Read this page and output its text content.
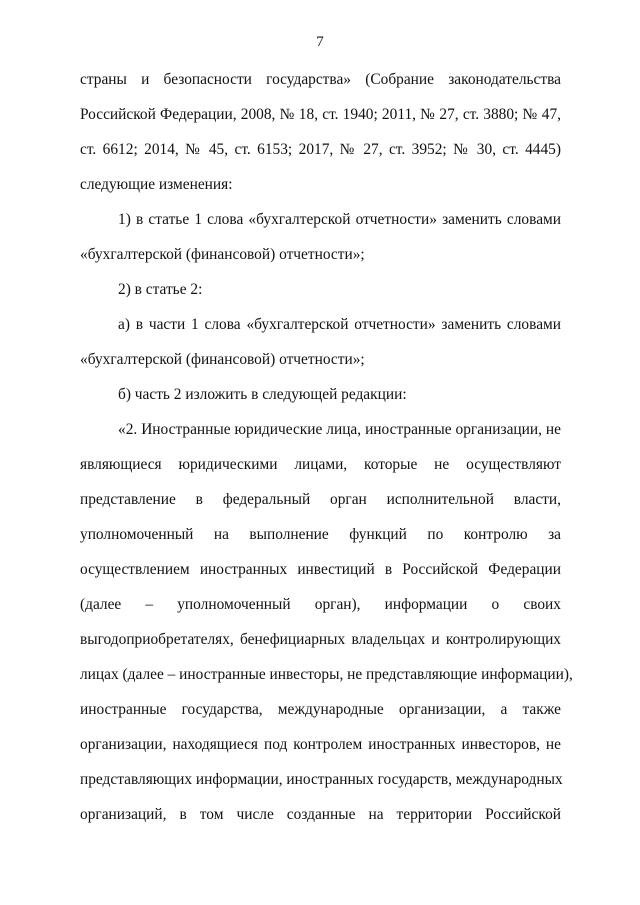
7
страны и безопасности государства» (Собрание законодательства
Российской Федерации, 2008, № 18, ст. 1940; 2011, № 27, ст. 3880; № 47,
ст. 6612; 2014, № 45, ст. 6153; 2017, № 27, ст. 3952; № 30, ст. 4445)
следующие изменения:
1) в статье 1 слова «бухгалтерской отчетности» заменить словами
«бухгалтерской (финансовой) отчетности»;
2) в статье 2:
а) в части 1 слова «бухгалтерской отчетности» заменить словами
«бухгалтерской (финансовой) отчетности»;
б) часть 2 изложить в следующей редакции:
«2. Иностранные юридические лица, иностранные организации, не
являющиеся юридическими лицами, которые не осуществляют
представление в федеральный орган исполнительной власти,
уполномоченный на выполнение функций по контролю за
осуществлением иностранных инвестиций в Российской Федерации
(далее – уполномоченный орган), информации о своих
выгодоприобретателях, бенефициарных владельцах и контролирующих
лицах (далее – иностранные инвесторы, не представляющие информации),
иностранные государства, международные организации, а также
организации, находящиеся под контролем иностранных инвесторов, не
представляющих информации, иностранных государств, международных
организаций, в том числе созданные на территории Российской
